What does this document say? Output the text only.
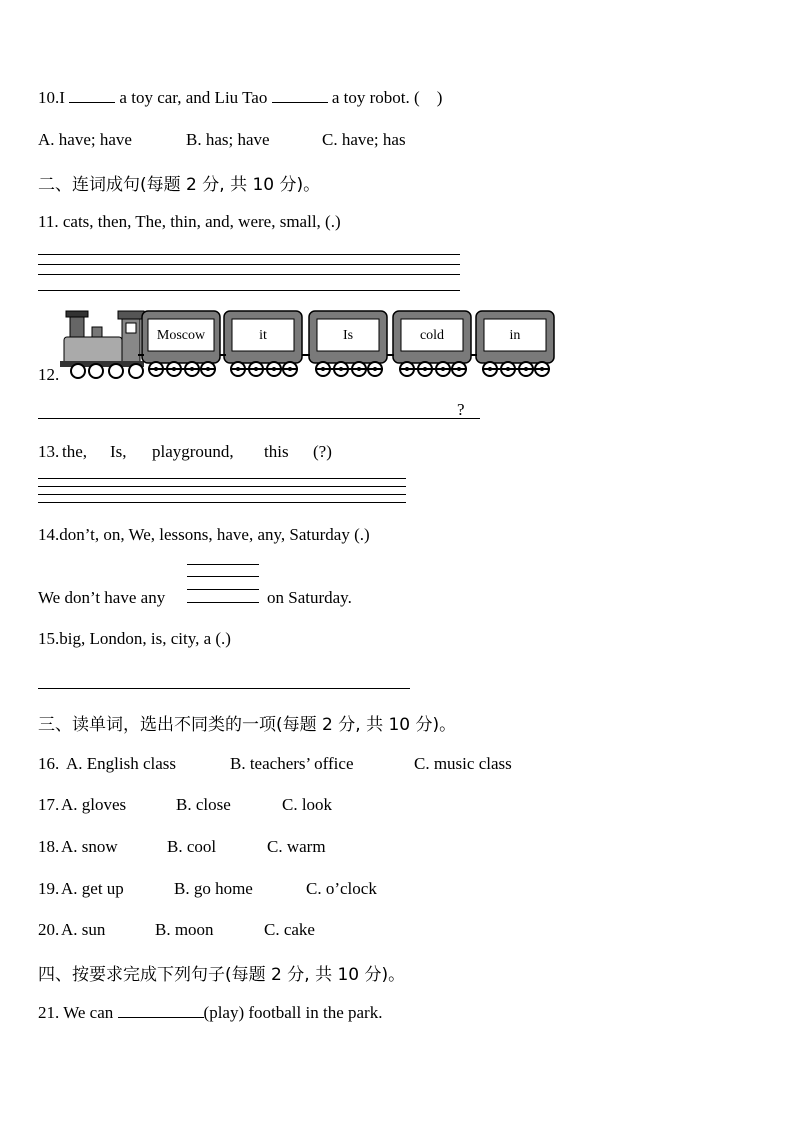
10.I	a toy car, and Liu Tao	a toy robot. ( )
A. have; have	B. has; have	C. have; has
二、连词成句(每题 2 分, 共 10 分)。
11. cats, then, The, thin, and, were, small, (.)
12.
Moscow	it	Is	cold	in
?
13. the, Is, playground, this (?)
14.don’t, on, We, lessons, have, any, Saturday (.)
We don’t have any	on Saturday.
15.big, London, is, city, a (.)
三、读单词，选出不同类的一项(每题 2 分, 共 10 分)。
16. A. English class	B. teachers’ office	C. music class
17. A. gloves	B. close	C. look
18. A. snow	B. cool	C. warm
19. A. get up	B. go home	C. o’clock
20. A. sun	B. moon	C. cake
四、按要求完成下列句子(每题 2 分, 共 10 分)。
21. We can	(play) football in the park.
